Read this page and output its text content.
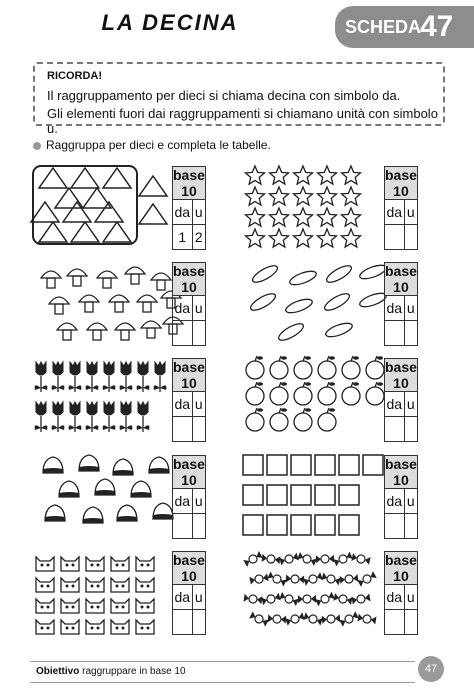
LA DECINA	SCHEDA
47
RICORDA!
Il raggruppamento per dieci si chiama decina con simbolo da.
Gli elementi fuori dai raggruppamenti si chiamano unità con simbolo u.
Raggruppa per dieci e completa le tabelle.
base 10	
da	u
1	2
base 10	
da	u

base 10	
da	u

base 10	
da	u

base 10	
da	u

base 10	
da	u

base 10	
da	u

base 10	
da	u

base 10	
da	u

base 10	
da	u

Obiettivo raggruppare in base 10	47
